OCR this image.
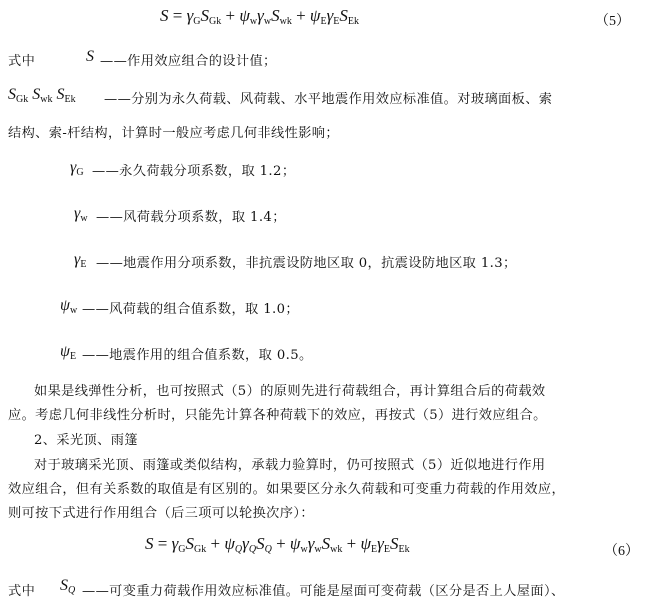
$S = \gamma_GS_{Gk} + \psi_w\gamma_wS_{wk} + \psi_E\gamma_ES_{Ek}$	（5）
式中	S ——作用效应组合的设计值；
$S_{Gk}$ $S_{wk}$ $S_{Ek}$ ——分别为永久荷载、风荷载、水平地震作用效应标准值。对玻璃面板、索
结构、索-杆结构，计算时一般应考虑几何非线性影响；
$\gamma_G$ ——永久荷载分项系数，取 1.2；
$\gamma_w$ ——风荷载分项系数，取 1.4；
$\gamma_E$ ——地震作用分项系数，非抗震设防地区取 0，抗震设防地区取 1.3；
$\psi_w$ ——风荷载的组合值系数，取 1.0；
$\psi_E$ ——地震作用的组合值系数，取 0.5。
如果是线弹性分析，也可按照式（5）的原则先进行荷载组合，再计算组合后的荷载效
应。考虑几何非线性分析时，只能先计算各种荷载下的效应，再按式（5）进行效应组合。
2、采光顶、雨篷
对于玻璃采光顶、雨篷或类似结构，承载力验算时，仍可按照式（5）近似地进行作用
效应组合，但有关系数的取值是有区别的。如果要区分永久荷载和可变重力荷载的作用效应，
则可按下式进行作用组合（后三项可以轮换次序）：
$S = \gamma_GS_{Gk} + \psi_Q\gamma_QS_Q + \psi_w\gamma_wS_{wk} + \psi_E\gamma_ES_{Ek}$	（6）
式中 $S_Q$ ——可变重力荷载作用效应标准值。可能是屋面可变荷载（区分是否上人屋面）、
